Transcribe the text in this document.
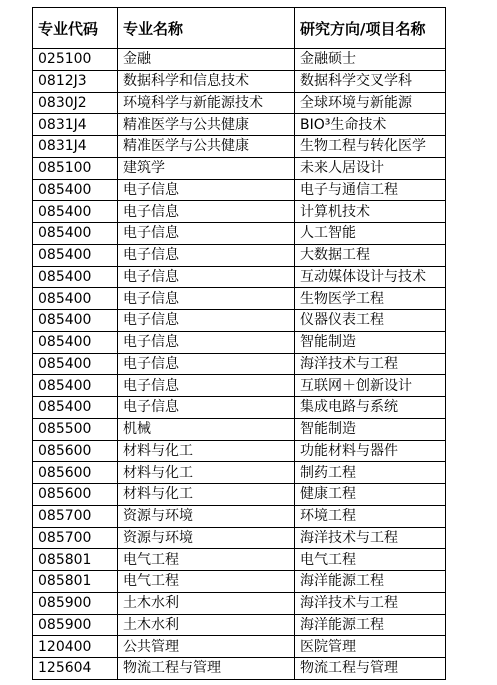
专业代码	专业名称	研究方向/项目名称
025100	金融	金融硕士
0812J3	数据科学和信息技术	数据科学交叉学科
0830J2	环境科学与新能源技术	全球环境与新能源
0831J4	精准医学与公共健康	BIO³生命技术
0831J4	精准医学与公共健康	生物工程与转化医学
085100	建筑学	未来人居设计
085400	电子信息	电子与通信工程
085400	电子信息	计算机技术
085400	电子信息	人工智能
085400	电子信息	大数据工程
085400	电子信息	互动媒体设计与技术
085400	电子信息	生物医学工程
085400	电子信息	仪器仪表工程
085400	电子信息	智能制造
085400	电子信息	海洋技术与工程
085400	电子信息	互联网＋创新设计
085400	电子信息	集成电路与系统
085500	机械	智能制造
085600	材料与化工	功能材料与器件
085600	材料与化工	制药工程
085600	材料与化工	健康工程
085700	资源与环境	环境工程
085700	资源与环境	海洋技术与工程
085801	电气工程	电气工程
085801	电气工程	海洋能源工程
085900	土木水利	海洋技术与工程
085900	土木水利	海洋能源工程
120400	公共管理	医院管理
125604	物流工程与管理	物流工程与管理
